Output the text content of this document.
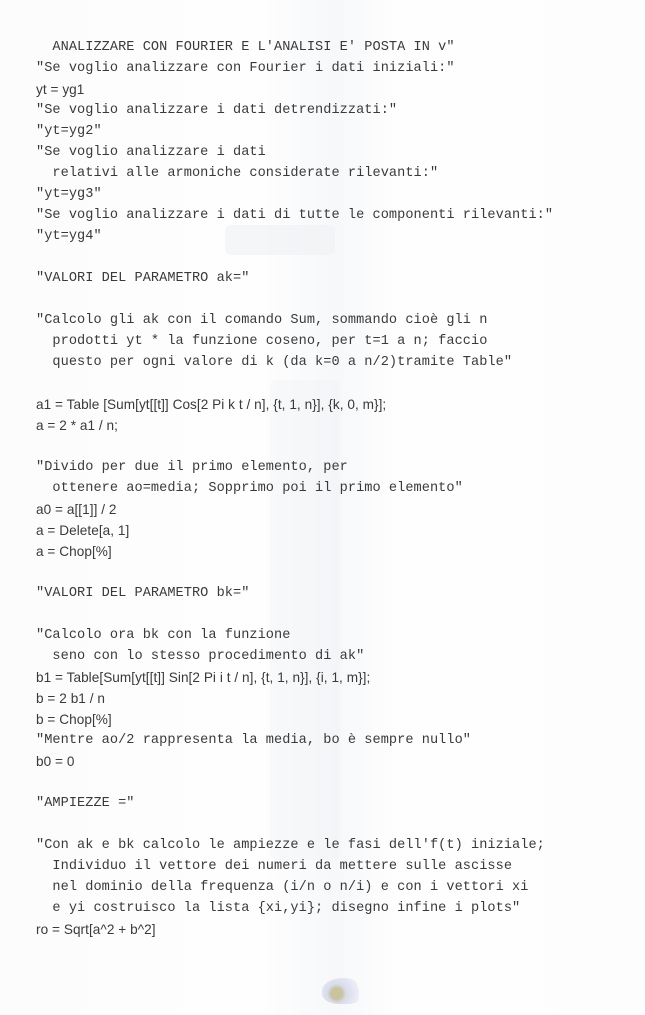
ANALIZZARE CON FOURIER E L'ANALISI E' POSTA IN v"
"Se voglio analizzare con Fourier i dati iniziali:"
yt = yg1
"Se voglio analizzare i dati detrendizzati:"
"yt=yg2"
"Se voglio analizzare i dati
relativi alle armoniche considerate rilevanti:"
"yt=yg3"
"Se voglio analizzare i dati di tutte le componenti rilevanti:"
"yt=yg4"
"VALORI DEL PARAMETRO ak="
"Calcolo gli ak con il comando Sum, sommando cioè gli n
prodotti yt * la funzione coseno, per t=1 a n; faccio
questo per ogni valore di k (da k=0 a n/2)tramite Table"
a1 = Table [Sum[yt[[t]] Cos[2 Pi k t / n], {t, 1, n}], {k, 0, m}];
a = 2 * a1 / n;
"Divido per due il primo elemento, per
ottenere ao=media; Sopprimo poi il primo elemento"
a0 = a[[1]] / 2
a = Delete[a, 1]
a = Chop[%]
"VALORI DEL PARAMETRO bk="
"Calcolo ora bk con la funzione
seno con lo stesso procedimento di ak"
b1 = Table[Sum[yt[[t]] Sin[2 Pi i t / n], {t, 1, n}], {i, 1, m}];
b = 2 b1 / n
b = Chop[%]
"Mentre ao/2 rappresenta la media, bo è sempre nullo"
b0 = 0
"AMPIEZZE ="
"Con ak e bk calcolo le ampiezze e le fasi dell'f(t) iniziale;
Individuo il vettore dei numeri da mettere sulle ascisse
nel dominio della frequenza (i/n o n/i) e con i vettori xi
e yi costruisco la lista {xi,yi}; disegno infine i plots"
ro = Sqrt[a^2 + b^2]
